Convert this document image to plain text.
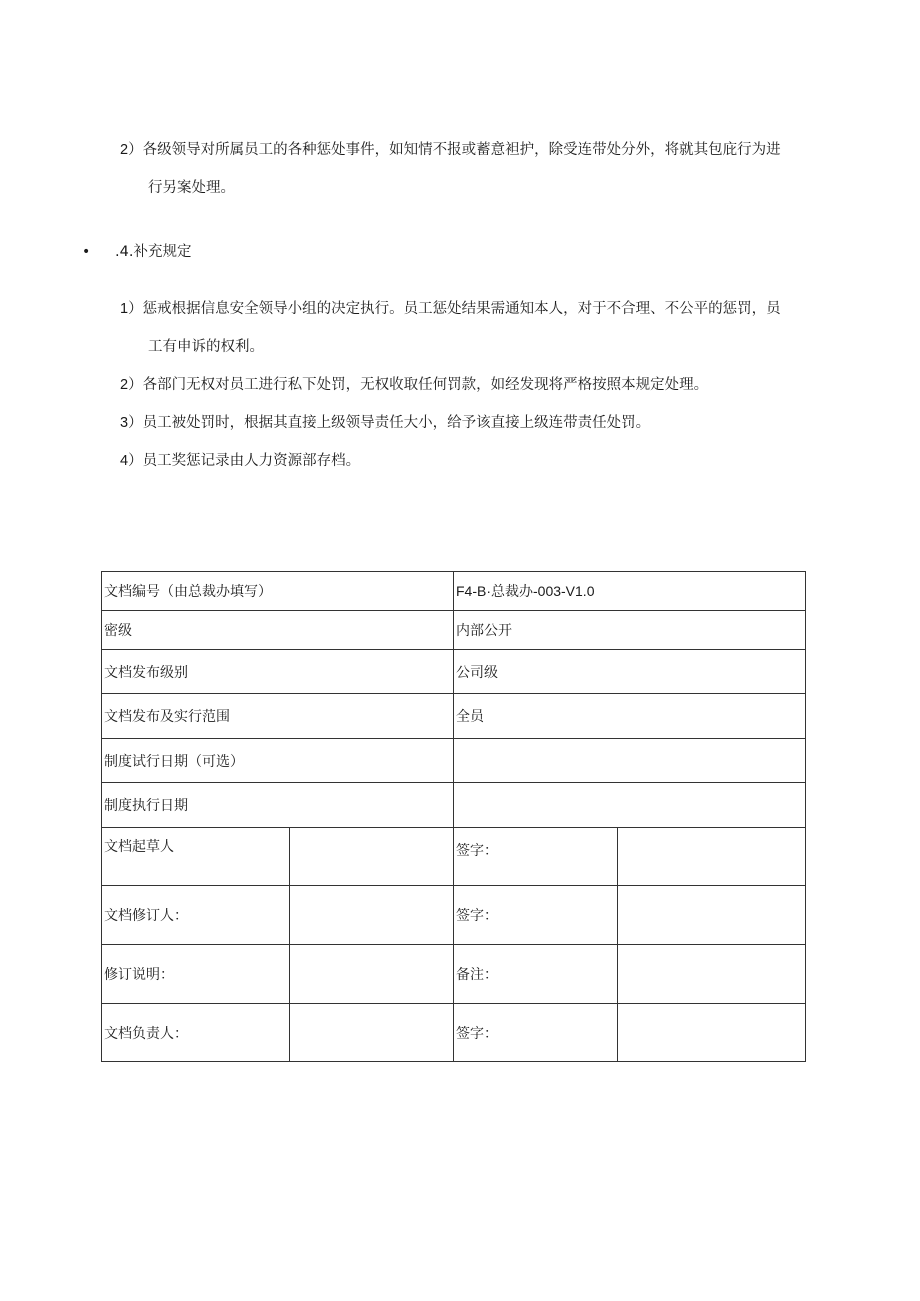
2）各级领导对所属员工的各种惩处事件，如知情不报或蓄意袒护，除受连带处分外，将就其包庇行为进
行另案处理。
• .4.补充规定
1）惩戒根据信息安全领导小组的决定执行。员工惩处结果需通知本人，对于不合理、不公平的惩罚，员
工有申诉的权利。
2）各部门无权对员工进行私下处罚，无权收取任何罚款，如经发现将严格按照本规定处理。
3）员工被处罚时，根据其直接上级领导责任大小，给予该直接上级连带责任处罚。
4）员工奖惩记录由人力资源部存档。
文档编号（由总裁办填写）		F4-B·总裁办-003-V1.0	
密级		内部公开	
文档发布级别		公司级	
文档发布及实行范围		全员	
制度试行日期（可选）			
制度执行日期			
文档起草人		签字：	
文档修订人：		签字：	
修订说明：		备注：	
文档负责人：		签字：	
